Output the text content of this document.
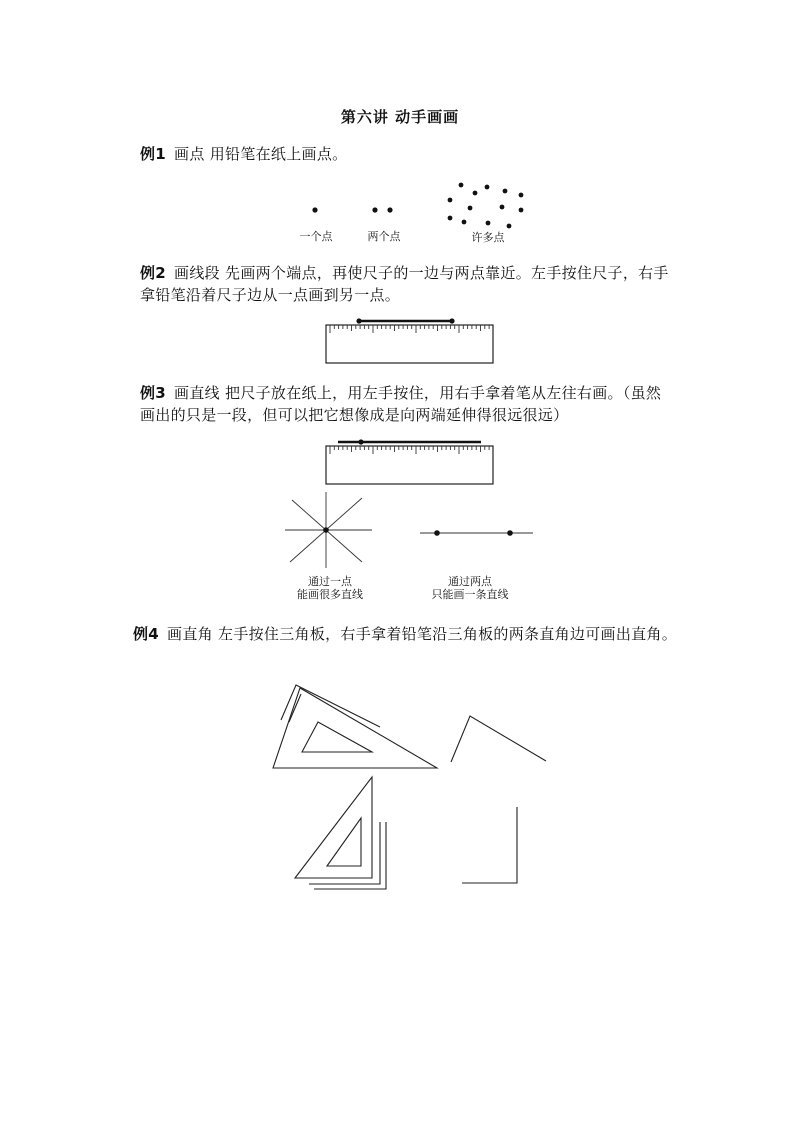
第六讲 动手画画
例1 画点 用铅笔在纸上画点。
一个点	两个点	许多点
例2 画线段 先画两个端点，再使尺子的一边与两点靠近。左手按住尺子，右手拿铅笔沿着尺子边从一点画到另一点。
例3 画直线 把尺子放在纸上，用左手按住，用右手拿着笔从左往右画。（虽然画出的只是一段，但可以把它想像成是向两端延伸得很远很远）
通过一点
能画很多直线
通过两点
只能画一条直线
例4 画直角 左手按住三角板，右手拿着铅笔沿三角板的两条直角边可画出直角。
